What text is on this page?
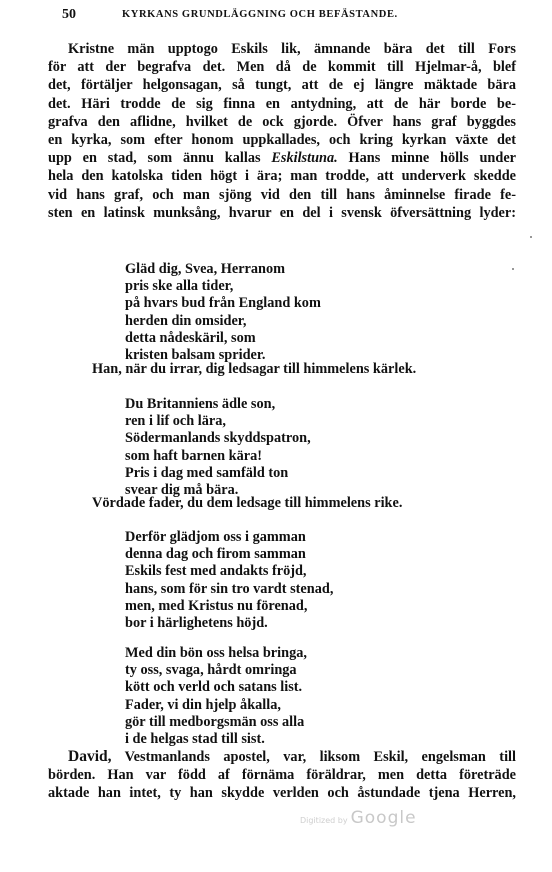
50	KYRKANS GRUNDLÄGGNING OCH BEFÄSTANDE.
Kristne män upptogo Eskils lik, ämnande bära det till Fors
för att der begrafva det. Men då de kommit till Hjelmar-å, blef
det, förtäljer helgonsagan, så tungt, att de ej längre mäktade bära
det. Häri trodde de sig finna en antydning, att de här borde be-
grafva den aflidne, hvilket de ock gjorde. Öfver hans graf byggdes
en kyrka, som efter honom uppkallades, och kring kyrkan växte det
upp en stad, som ännu kallas Eskilstuna. Hans minne hölls under
hela den katolska tiden högt i ära; man trodde, att underverk skedde
vid hans graf, och man sjöng vid den till hans åminnelse firade fe-
sten en latinsk munksång, hvarur en del i svensk öfversättning lyder:
Gläd dig, Svea, Herranom
pris ske alla tider,
på hvars bud från England kom
herden din omsider,
detta nådeskäril, som
kristen balsam sprider.
Han, när du irrar, dig ledsagar till himmelens kärlek.
Du Britanniens ädle son,
ren i lif och lära,
Södermanlands skyddspatron,
som haft barnen kära!
Pris i dag med samfäld ton
svear dig må bära.
Vördade fader, du dem ledsage till himmelens rike.
Derför glädjom oss i gamman
denna dag och firom samman
Eskils fest med andakts fröjd,
hans, som för sin tro vardt stenad,
men, med Kristus nu förenad,
bor i härlighetens höjd.
Med din bön oss helsa bringa,
ty oss, svaga, hårdt omringa
kött och verld och satans list.
Fader, vi din hjelp åkalla,
gör till medborgsmän oss alla
i de helgas stad till sist.
David, Vestmanlands apostel, var, liksom Eskil, engelsman till
börden. Han var född af förnäma föräldrar, men detta företräde
aktade han intet, ty han skydde verlden och åstundade tjena Herren,
Digitized by Google
